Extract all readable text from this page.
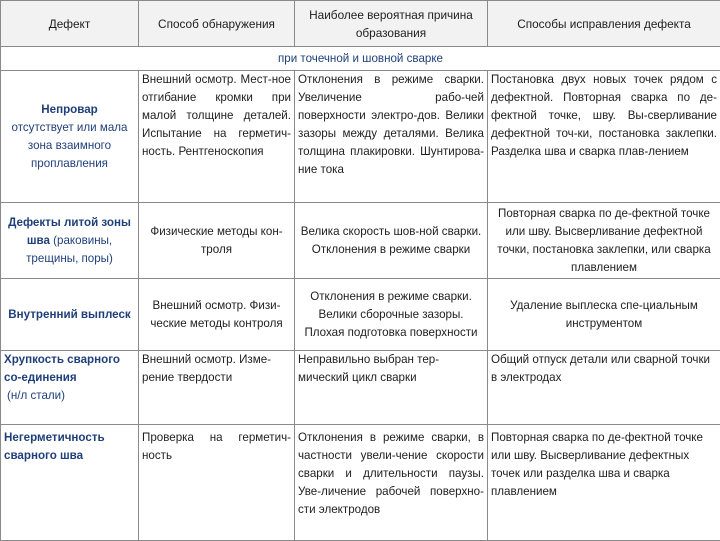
Дефект	Способ обнаружения	Наиболее вероятная причина образования	Способы исправления дефекта
при точечной и шовной сварке			

Непровар
отсутствует или мала зона взаимного проплавления	Внешний осмотр. Мест-ное отгибание кромки при малой толщине деталей. Испытание на герметич-ность. Рентгеноскопия	Отклонения в режиме сварки. Увеличение рабо-чей поверхности электро-дов. Велики зазоры между деталями. Велика толщина плакировки. Шунтирова-ние тока	Постановка двух новых точек рядом с дефектной. Повторная сварка по де-фектной точке, шву. Вы-сверливание дефектной точ-ки, постановка заклепки. Разделка шва и сварка плав-лением
Дефекты литой зоны шва (раковины, трещины, поры)	Физические методы кон-троля	Велика скорость шов-ной сварки. Отклонения в режиме сварки	Повторная сварка по де-фектной точке или шву. Высверливание дефектной точки, постановка заклепки, или сварка плавлением

Внутренний выплеск	Внешний осмотр. Физи-ческие методы контроля	Отклонения в режиме сварки. Велики сборочные зазоры. Плохая подготовка поверхности	Удаление выплеска спе-циальным инструментом

Хрупкость сварного со-единения
(н/л стали)	Внешний осмотр. Изме-рение твердости	Неправильно выбран тер-мический цикл сварки	Общий отпуск детали или сварной точки в электродах

Негерметичность сварного шва	Проверка на герметич-ность	Отклонения в режиме сварки, в частности увели-чение скорости сварки и длительности паузы. Уве-личение рабочей поверхно-сти электродов	Повторная сварка по де-фектной точке или шву. Высверливание дефектных точек или разделка шва и сварка плавлением
